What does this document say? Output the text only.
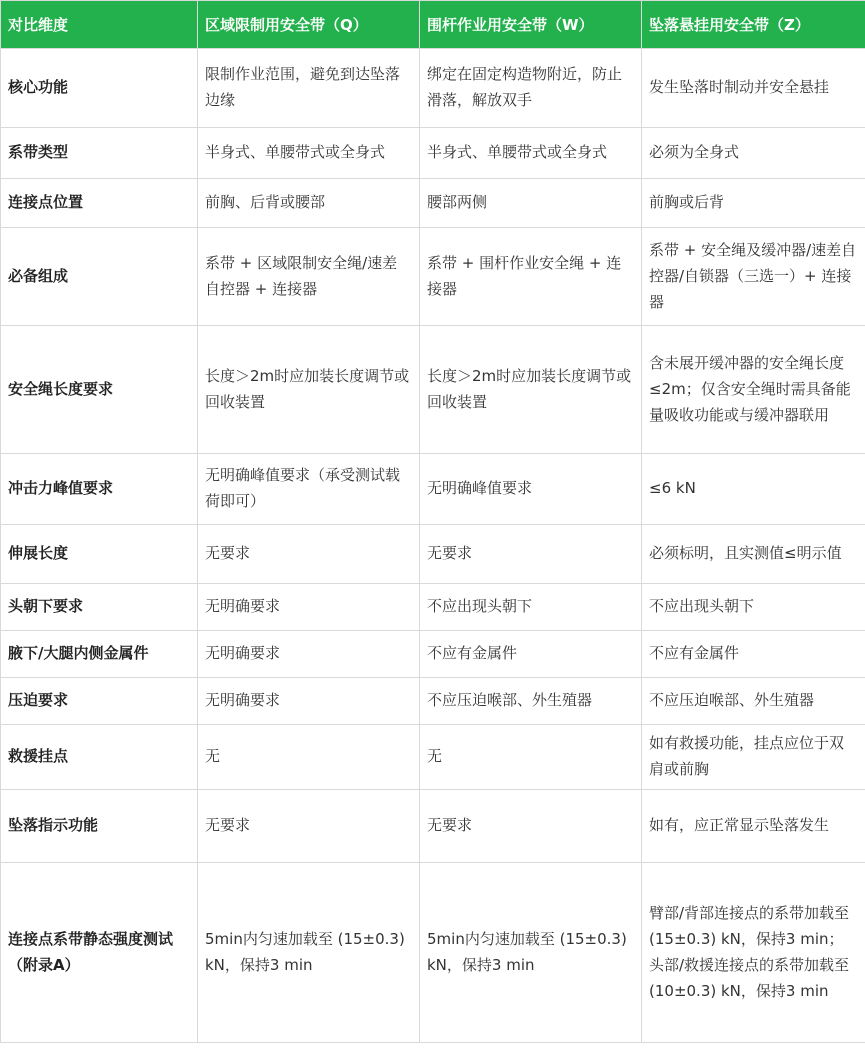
对比维度	区域限制用安全带（Q）	围杆作业用安全带（W）	坠落悬挂用安全带（Z）
核心功能	限制作业范围，避免到达坠落边缘	绑定在固定构造物附近，防止滑落，解放双手	发生坠落时制动并安全悬挂
系带类型	半身式、单腰带式或全身式	半身式、单腰带式或全身式	必须为全身式
连接点位置	前胸、后背或腰部	腰部两侧	前胸或后背
必备组成	系带 + 区域限制安全绳/速差自控器 + 连接器	系带 + 围杆作业安全绳 + 连接器	系带 + 安全绳及缓冲器/速差自控器/自锁器（三选一）+ 连接器
安全绳长度要求	长度＞2m时应加装长度调节或回收装置	长度＞2m时应加装长度调节或回收装置	含未展开缓冲器的安全绳长度 ≤2m；仅含安全绳时需具备能量吸收功能或与缓冲器联用
冲击力峰值要求	无明确峰值要求（承受测试载荷即可）	无明确峰值要求	≤6 kN
伸展长度	无要求	无要求	必须标明，且实测值≤明示值
头朝下要求	无明确要求	不应出现头朝下	不应出现头朝下
腋下/大腿内侧金属件	无明确要求	不应有金属件	不应有金属件
压迫要求	无明确要求	不应压迫喉部、外生殖器	不应压迫喉部、外生殖器
救援挂点	无	无	如有救援功能，挂点应位于双肩或前胸
坠落指示功能	无要求	无要求	如有，应正常显示坠落发生
连接点系带静态强度测试（附录A）	5min内匀速加载至 (15±0.3) kN，保持3 min	5min内匀速加载至 (15±0.3) kN，保持3 min	臂部/背部连接点的系带加载至 (15±0.3) kN，保持3 min；头部/救援连接点的系带加载至 (10±0.3) kN，保持3 min
